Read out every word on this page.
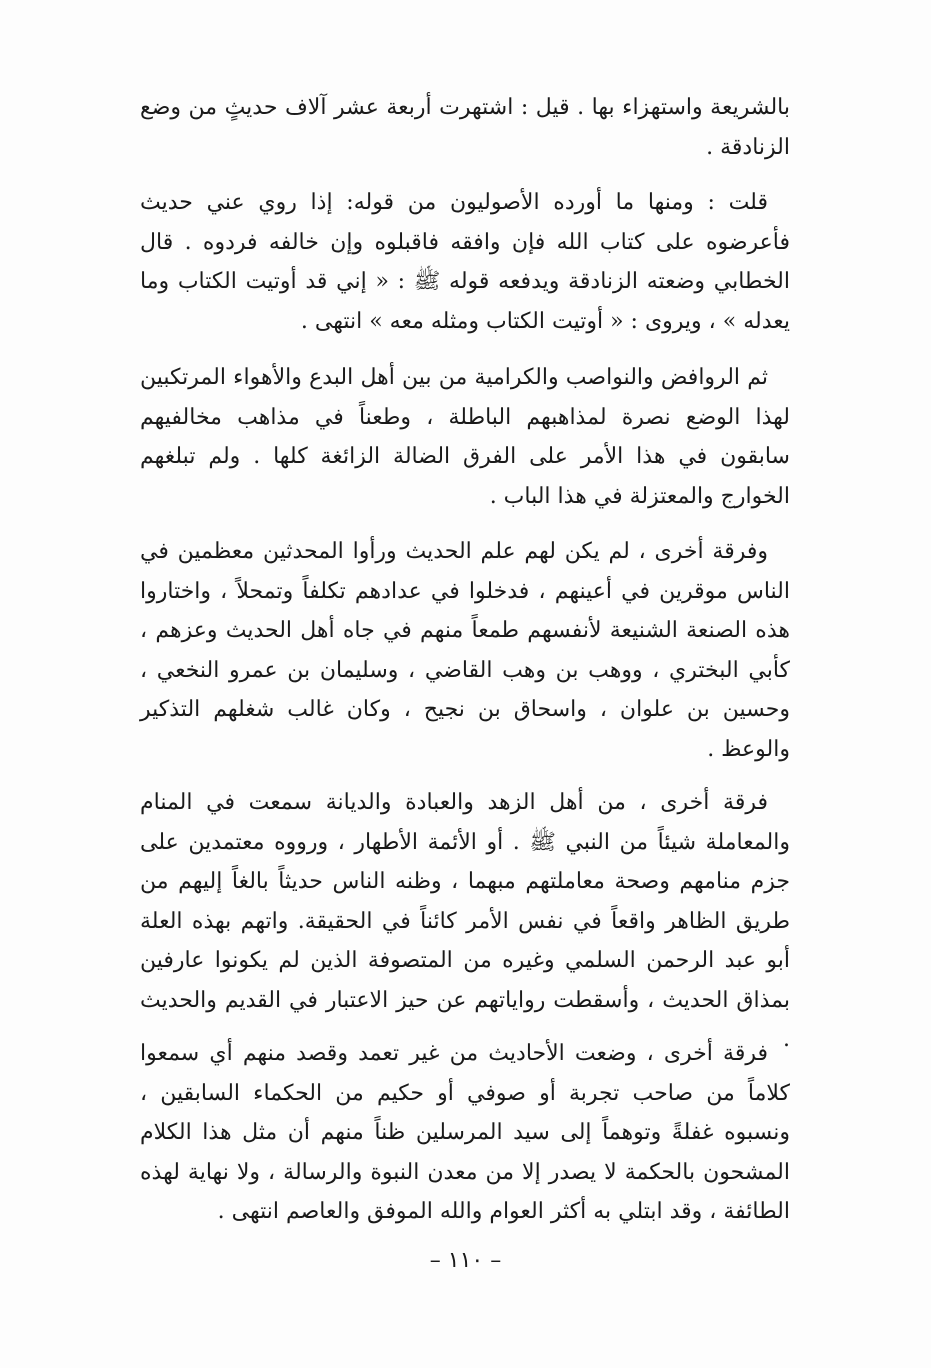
بالشريعة واستهزاء بها . قيل : اشتهرت أربعة عشر آلاف حديثٍ من وضع الزنادقة .

قلت : ومنها ما أورده الأصوليون من قوله: إذا روي عني حديث فأعرضوه على كتاب الله فإن وافقه فاقبلوه وإن خالفه فردوه . قال الخطابي وضعته الزنادقة ويدفعه قوله ﷺ : « إني قد أوتيت الكتاب وما يعدله » ، ويروى : « أوتيت الكتاب ومثله معه » انتهى .

ثم الروافض والنواصب والكرامية من بين أهل البدع والأهواء المرتكبين لهذا الوضع نصرة لمذاهبهم الباطلة ، وطعناً في مذاهب مخالفيهم سابقون في هذا الأمر على الفرق الضالة الزائغة كلها . ولم تبلغهم الخوارج والمعتزلة في هذا الباب .

وفرقة أخرى ، لم يكن لهم علم الحديث ورأوا المحدثين معظمين في الناس موقرين في أعينهم ، فدخلوا في عدادهم تكلفاً وتمحلاً ، واختاروا هذه الصنعة الشنيعة لأنفسهم طمعاً منهم في جاه أهل الحديث وعزهم ، كأبي البختري ، ووهب بن وهب القاضي ، وسليمان بن عمرو النخعي ، وحسين بن علوان ، واسحاق بن نجيح ، وكان غالب شغلهم التذكير والوعظ .

فرقة أخرى ، من أهل الزهد والعبادة والديانة سمعت في المنام والمعاملة شيئاً من النبي ﷺ . أو الأئمة الأطهار ، ورووه معتمدين على جزم منامهم وصحة معاملتهم مبهما ، وظنه الناس حديثاً بالغاً إليهم من طريق الظاهر واقعاً في نفس الأمر كائناً في الحقيقة. واتهم بهذه العلة أبو عبد الرحمن السلمي وغيره من المتصوفة الذين لم يكونوا عارفين بمذاق الحديث ، وأسقطت رواياتهم عن حيز الاعتبار في القديم والحديث .

فرقة أخرى ، وضعت الأحاديث من غير تعمد وقصد منهم أي سمعوا كلاماً من صاحب تجربة أو صوفي أو حكيم من الحكماء السابقين ، ونسبوه غفلةً وتوهماً إلى سيد المرسلين ظناً منهم أن مثل هذا الكلام المشحون بالحكمة لا يصدر إلا من معدن النبوة والرسالة ، ولا نهاية لهذه الطائفة ، وقد ابتلي به أكثر العوام والله الموفق والعاصم انتهى .

– ١١٠ –
